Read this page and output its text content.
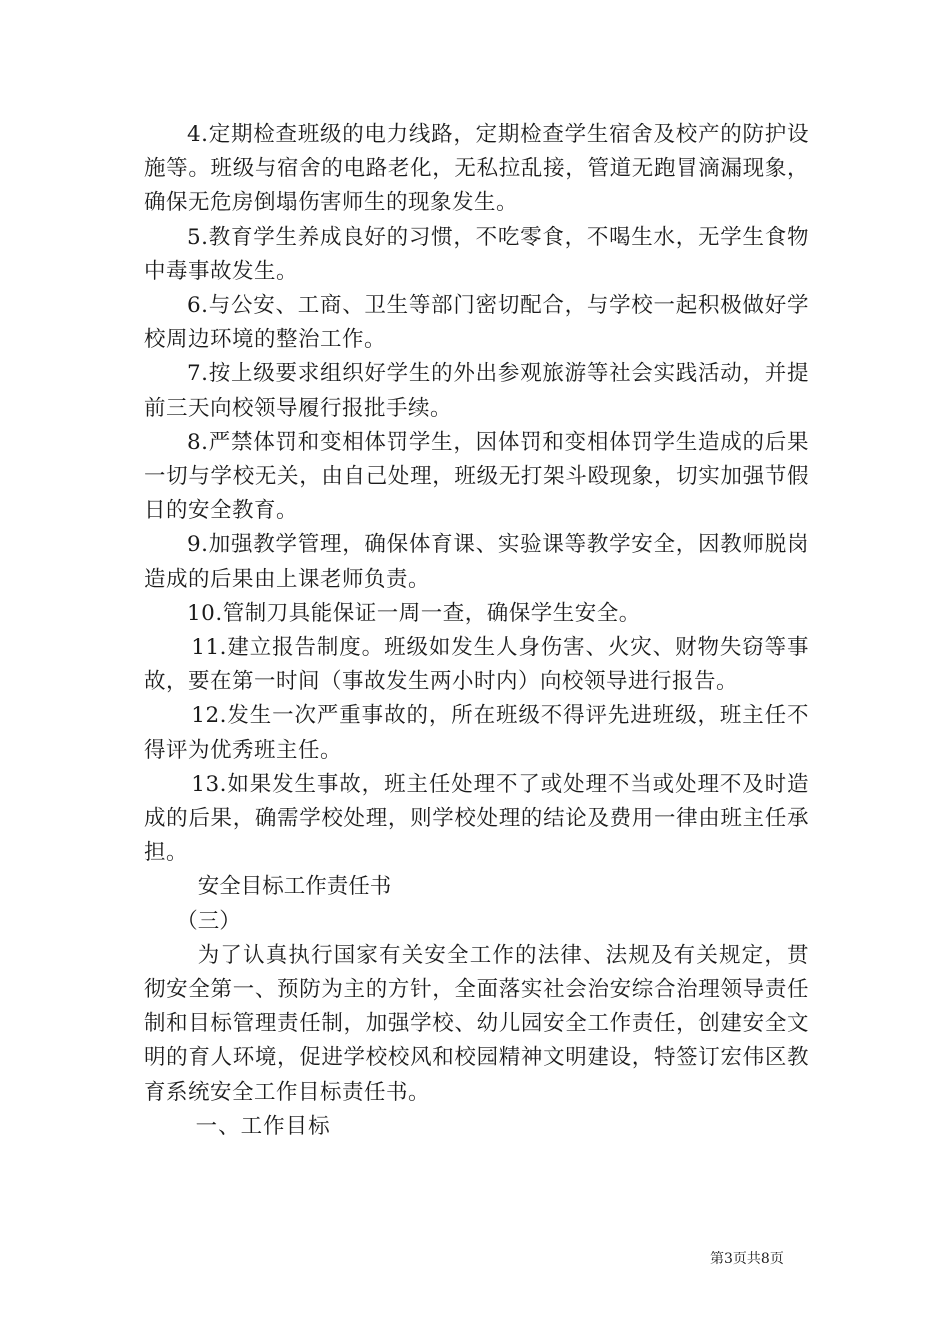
4.定期检查班级的电力线路，定期检查学生宿舍及校产的防护设施等。班级与宿舍的电路老化，无私拉乱接，管道无跑冒滴漏现象，确保无危房倒塌伤害师生的现象发生。

5.教育学生养成良好的习惯，不吃零食，不喝生水，无学生食物中毒事故发生。

6.与公安、工商、卫生等部门密切配合，与学校一起积极做好学校周边环境的整治工作。

7.按上级要求组织好学生的外出参观旅游等社会实践活动，并提前三天向校领导履行报批手续。

8.严禁体罚和变相体罚学生，因体罚和变相体罚学生造成的后果一切与学校无关，由自己处理，班级无打架斗殴现象，切实加强节假日的安全教育。

9.加强教学管理，确保体育课、实验课等教学安全，因教师脱岗造成的后果由上课老师负责。

10.管制刀具能保证一周一查，确保学生安全。

11.建立报告制度。班级如发生人身伤害、火灾、财物失窃等事故，要在第一时间（事故发生两小时内）向校领导进行报告。

12.发生一次严重事故的，所在班级不得评先进班级，班主任不得评为优秀班主任。

13.如果发生事故，班主任处理不了或处理不当或处理不及时造成的后果，确需学校处理，则学校处理的结论及费用一律由班主任承担。

安全目标工作责任书

（三）

为了认真执行国家有关安全工作的法律、法规及有关规定，贯彻安全第一、预防为主的方针，全面落实社会治安综合治理领导责任制和目标管理责任制，加强学校、幼儿园安全工作责任，创建安全文明的育人环境，促进学校校风和校园精神文明建设，特签订宏伟区教育系统安全工作目标责任书。

一、工作目标

第3页共8页
